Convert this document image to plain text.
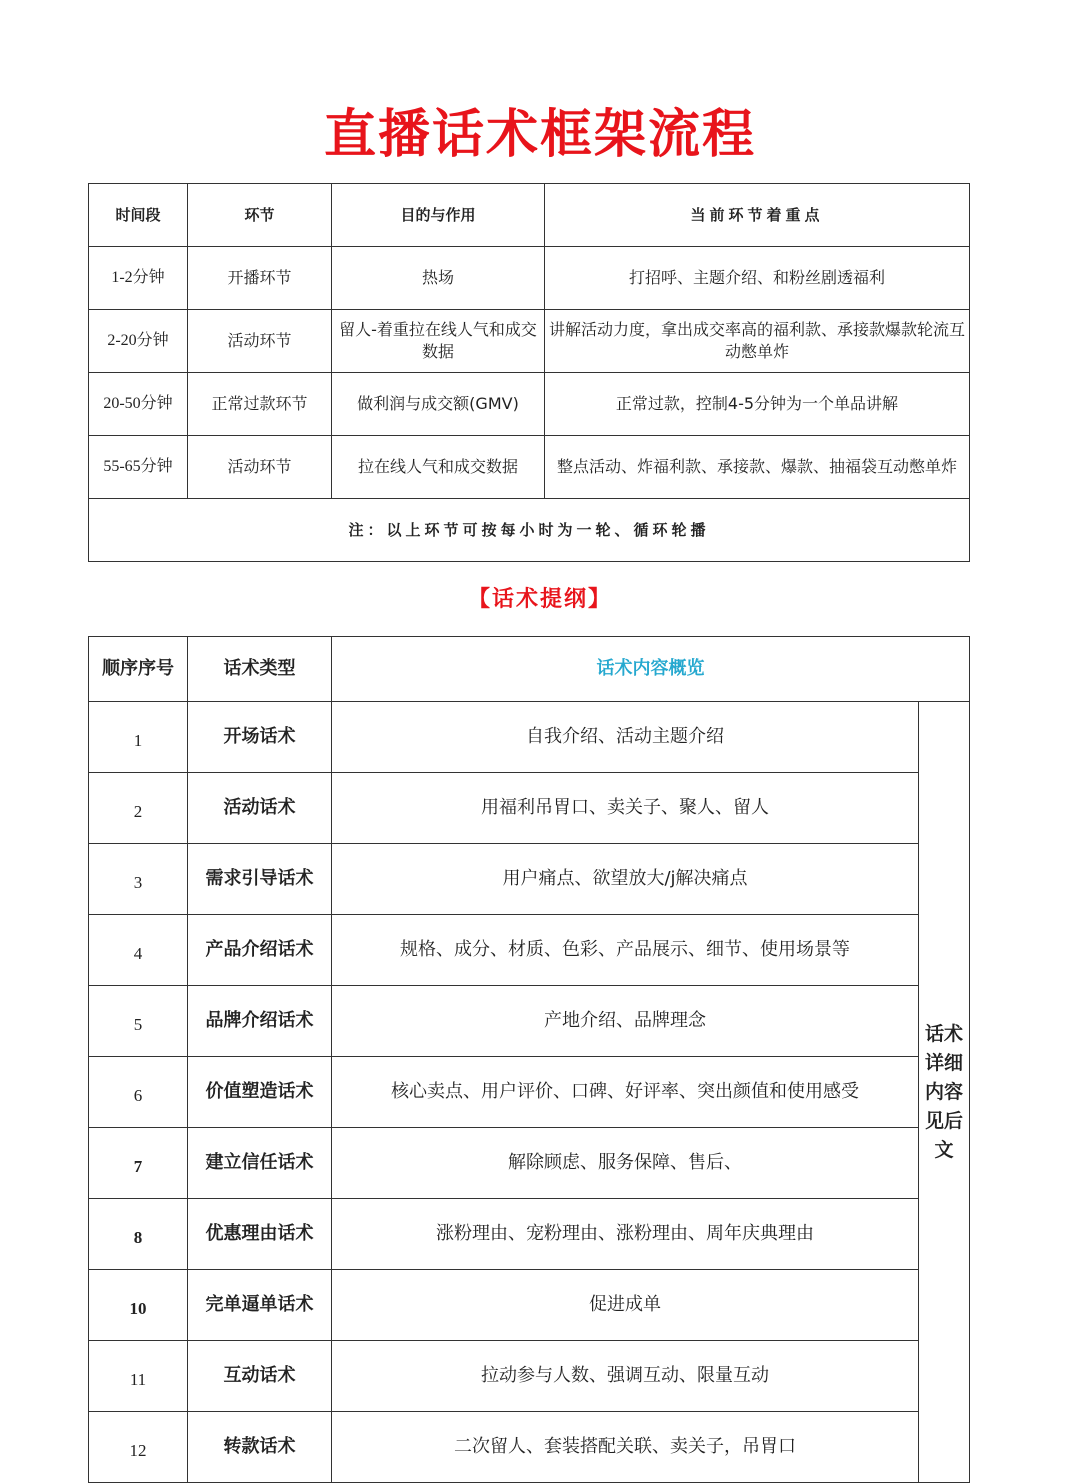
直播话术框架流程
时间段	环节	目的与作用	当前环节着重点
1-2分钟	开播环节	热场	打招呼、主题介绍、和粉丝剧透福利
2-20分钟	活动环节	留人-着重拉在线人气和成交数据	讲解活动力度，拿出成交率高的福利款、承接款爆款轮流互动憋单炸
20-50分钟	正常过款环节	做利润与成交额(GMV)	正常过款，控制4-5分钟为一个单品讲解
55-65分钟	活动环节	拉在线人气和成交数据	整点活动、炸福利款、承接款、爆款、抽福袋互动憋单炸
注：以上环节可按每小时为一轮、循环轮播			
【话术提纲】
顺序序号	话术类型	话术内容概览	
1	开场话术	自我介绍、活动主题介绍	话术详细内容见后文
2	活动话术	用福利吊胃口、卖关子、聚人、留人	
3	需求引导话术	用户痛点、欲望放大/j解决痛点	
4	产品介绍话术	规格、成分、材质、色彩、产品展示、细节、使用场景等	
5	品牌介绍话术	产地介绍、品牌理念	
6	价值塑造话术	核心卖点、用户评价、口碑、好评率、突出颜值和使用感受	
7	建立信任话术	解除顾虑、服务保障、售后、	
8	优惠理由话术	涨粉理由、宠粉理由、涨粉理由、周年庆典理由	
10	完单逼单话术	促进成单	
11	互动话术	拉动参与人数、强调互动、限量互动	
12	转款话术	二次留人、套装搭配关联、卖关子，吊胃口	
